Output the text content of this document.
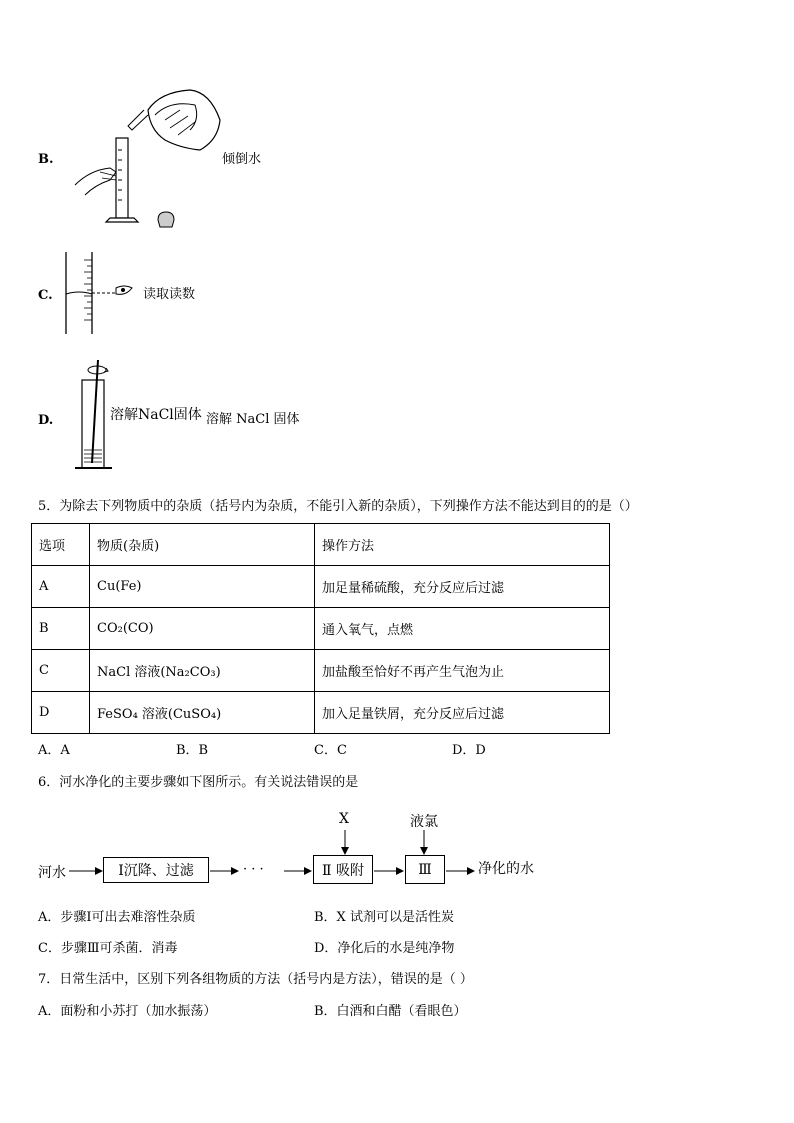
B.	倾倒水
C.	读取读数
D.	溶解NaCl固体 溶解 NaCl 固体
5．为除去下列物质中的杂质（括号内为杂质，不能引入新的杂质），下列操作方法不能达到目的的是（）
选项	物质(杂质)	操作方法
A	Cu(Fe)	加足量稀硫酸，充分反应后过滤
B	CO₂(CO)	通入氧气，点燃
C	NaCl 溶液(Na₂CO₃)	加盐酸至恰好不再产生气泡为止
D	FeSO₄ 溶液(CuSO₄)	加入足量铁屑，充分反应后过滤
A．A	B．B	C．C	D．D
6．河水净化的主要步骤如下图所示。有关说法错误的是
河水	Ⅰ沉降、过滤	· · ·	Ⅱ 吸附	Ⅲ
X	液氯
净化的水
A．步骤Ⅰ可出去难溶性杂质	B．X 试剂可以是活性炭
C．步骤Ⅲ可杀菌．消毒	D．净化后的水是纯净物
7．日常生活中，区别下列各组物质的方法（括号内是方法），错误的是（ ）
A．面粉和小苏打（加水振荡）	B．白酒和白醋（看眼色）
